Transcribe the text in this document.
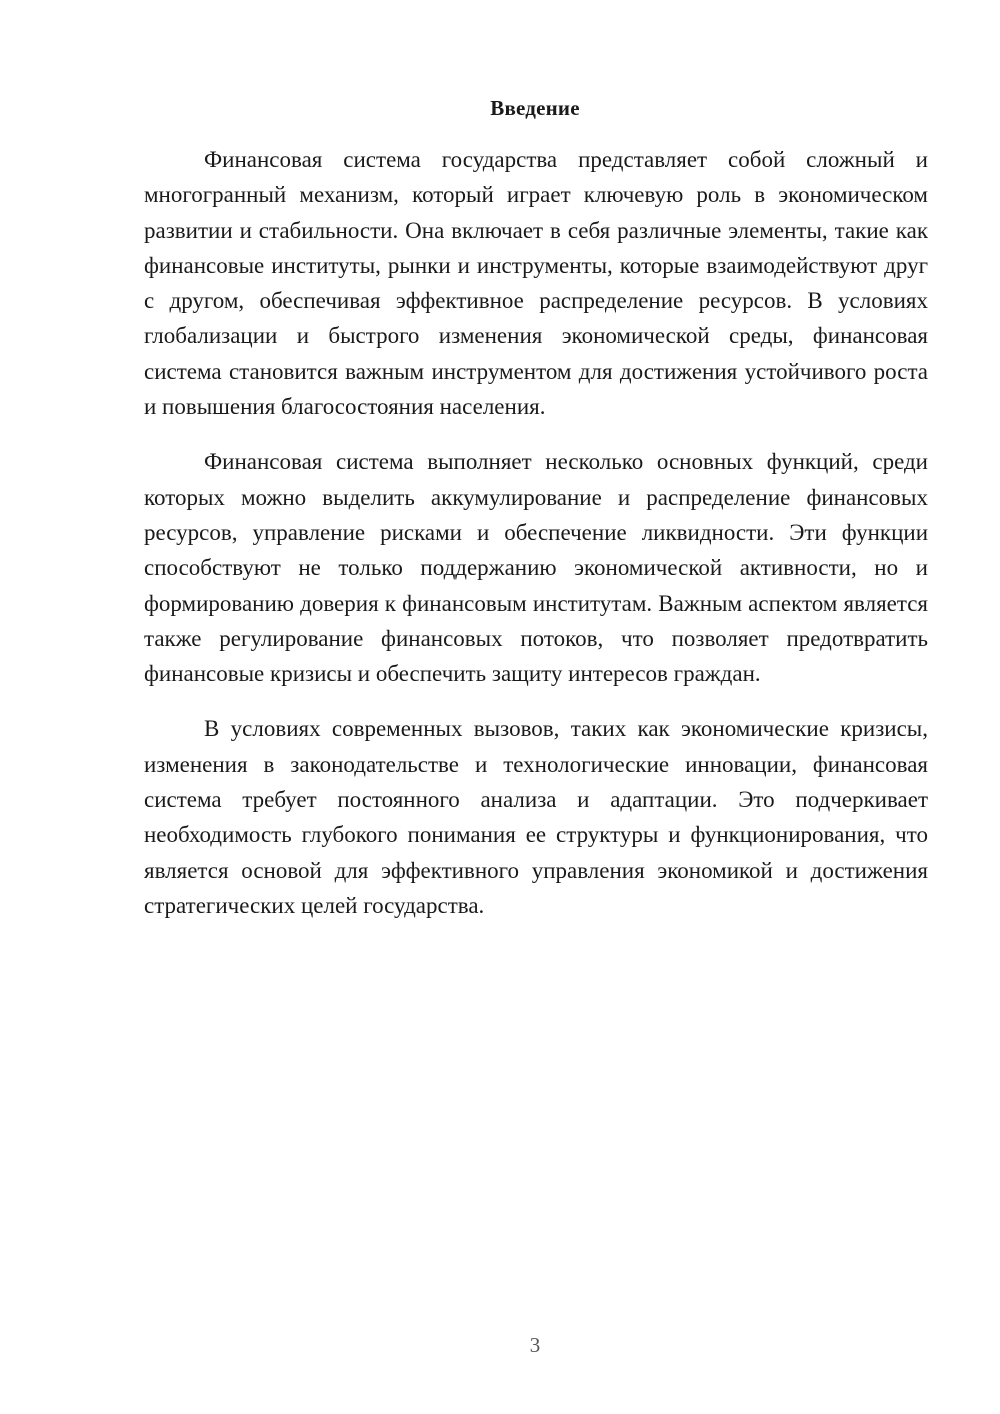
Введение

Финансовая система государства представляет собой сложный и многогранный механизм, который играет ключевую роль в экономическом развитии и стабильности. Она включает в себя различные элементы, такие как финансовые институты, рынки и инструменты, которые взаимодействуют друг с другом, обеспечивая эффективное распределение ресурсов. В условиях глобализации и быстрого изменения экономической среды, финансовая система становится важным инструментом для достижения устойчивого роста и повышения благосостояния населения.

Финансовая система выполняет несколько основных функций, среди которых можно выделить аккумулирование и распределение финансовых ресурсов, управление рисками и обеспечение ликвидности. Эти функции способствуют не только поддержанию экономической активности, но и формированию доверия к финансовым институтам. Важным аспектом является также регулирование финансовых потоков, что позволяет предотвратить финансовые кризисы и обеспечить защиту интересов граждан.

В условиях современных вызовов, таких как экономические кризисы, изменения в законодательстве и технологические инновации, финансовая система требует постоянного анализа и адаптации. Это подчеркивает необходимость глубокого понимания ее структуры и функционирования, что является основой для эффективного управления экономикой и достижения стратегических целей государства.

3
